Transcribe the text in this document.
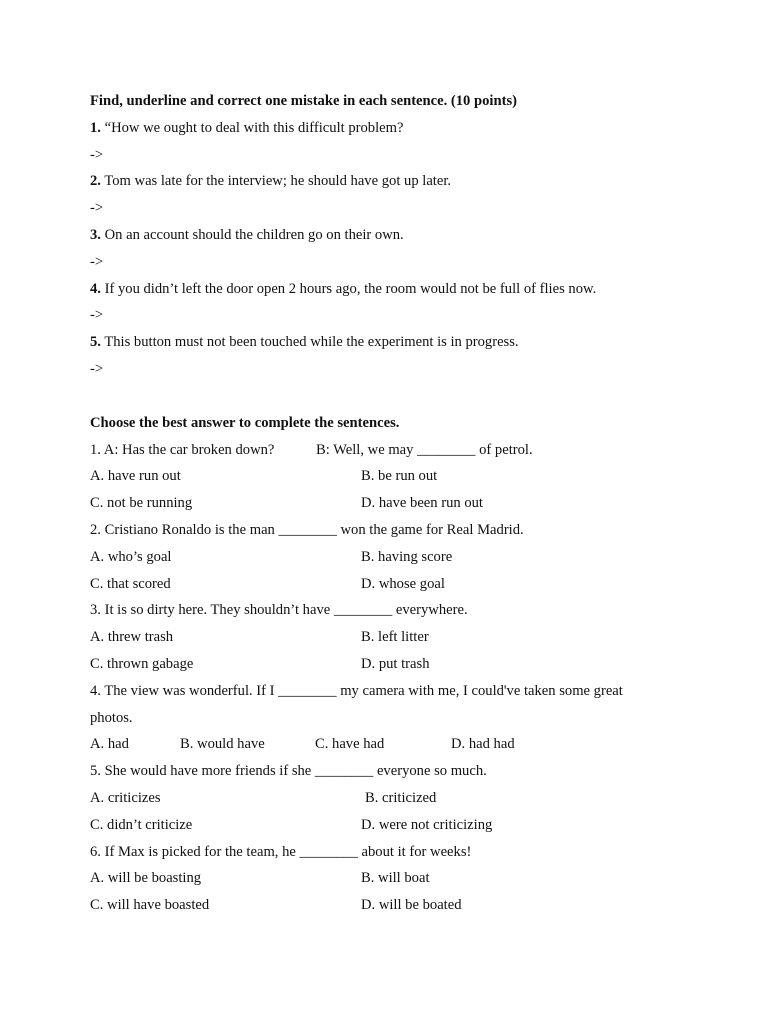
Find, underline and correct one mistake in each sentence. (10 points)
1. “How we ought to deal with this difficult problem?
->
2. Tom was late for the interview; he should have got up later.
->
3. On an account should the children go on their own.
->
4. If you didn’t left the door open 2 hours ago, the room would not be full of flies now.
->
5. This button must not been touched while the experiment is in progress.
->
Choose the best answer to complete the sentences.
1. A: Has the car broken down?	B: Well, we may ________ of petrol.
A. have run out	B. be run out
C. not be running	D. have been run out
2. Cristiano Ronaldo is the man ________ won the game for Real Madrid.
A. who’s goal	B. having score
C. that scored	D. whose goal
3. It is so dirty here. They shouldn’t have ________ everywhere.
A. threw trash	B. left litter
C. thrown gabage	D. put trash
4. The view was wonderful. If I ________ my camera with me, I could've taken some great
photos.
A. had	B. would have	C. have had	D. had had
5. She would have more friends if she ________ everyone so much.
A. criticizes	B. criticized
C. didn’t criticize	D. were not criticizing
6. If Max is picked for the team, he ________ about it for weeks!
A. will be boasting	B. will boat
C. will have boasted	D. will be boated
